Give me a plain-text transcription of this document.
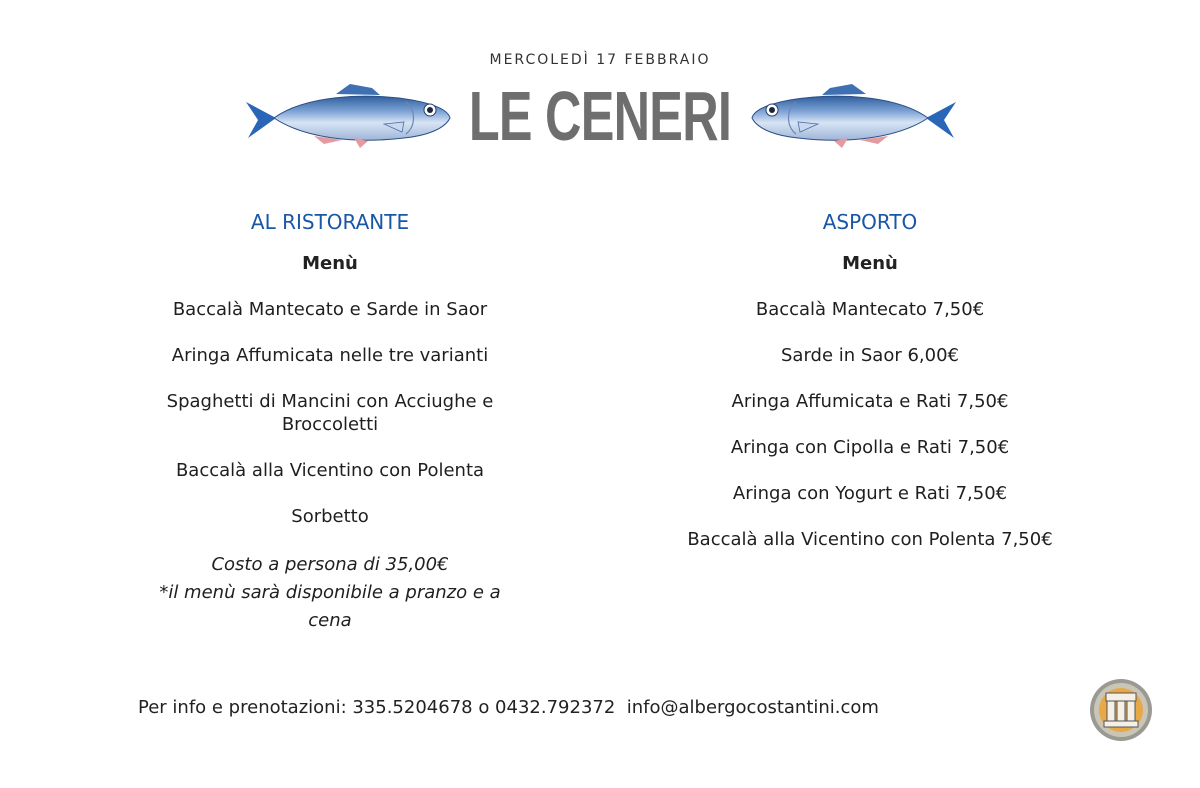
MERCOLEDÌ 17 FEBBRAIO
LE CENERI
AL RISTORANTE
Menù
Baccalà Mantecato e Sarde in Saor
Aringa Affumicata nelle tre varianti
Spaghetti di Mancini con Acciughe e Broccoletti
Baccalà alla Vicentino con Polenta
Sorbetto
Costo a persona di 35,00€
*il menù sarà disponibile a pranzo e a cena
ASPORTO
Menù
Baccalà Mantecato 7,50€
Sarde in Saor 6,00€
Aringa Affumicata e Rati 7,50€
Aringa con Cipolla e Rati 7,50€
Aringa con Yogurt e Rati 7,50€
Baccalà alla Vicentino con Polenta 7,50€
Per info e prenotazioni: 335.5204678 o 0432.792372  info@albergocostantini.com
